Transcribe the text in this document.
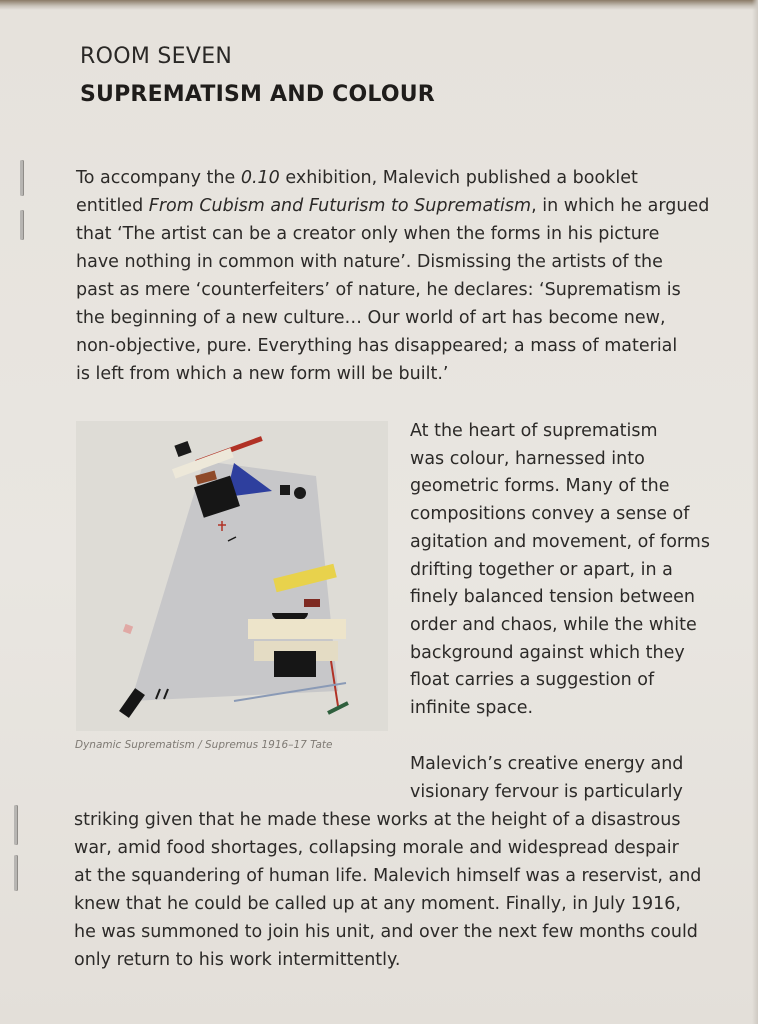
ROOM SEVEN
SUPREMATISM AND COLOUR

To accompany the 0.10 exhibition, Malevich published a booklet
entitled From Cubism and Futurism to Suprematism, in which he argued
that ‘The artist can be a creator only when the forms in his picture
have nothing in common with nature’. Dismissing the artists of the
past as mere ‘counterfeiters’ of nature, he declares: ‘Suprematism is
the beginning of a new culture… Our world of art has become new,
non-objective, pure. Everything has disappeared; a mass of material
is left from which a new form will be built.’

Dynamic Suprematism / Supremus 1916–17 Tate

At the heart of suprematism
was colour, harnessed into
geometric forms. Many of the
compositions convey a sense of
agitation and movement, of forms
drifting together or apart, in a
finely balanced tension between
order and chaos, while the white
background against which they
float carries a suggestion of
infinite space.

Malevich’s creative energy and
visionary fervour is particularly

striking given that he made these works at the height of a disastrous
war, amid food shortages, collapsing morale and widespread despair
at the squandering of human life. Malevich himself was a reservist, and
knew that he could be called up at any moment. Finally, in July 1916,
he was summoned to join his unit, and over the next few months could
only return to his work intermittently.
